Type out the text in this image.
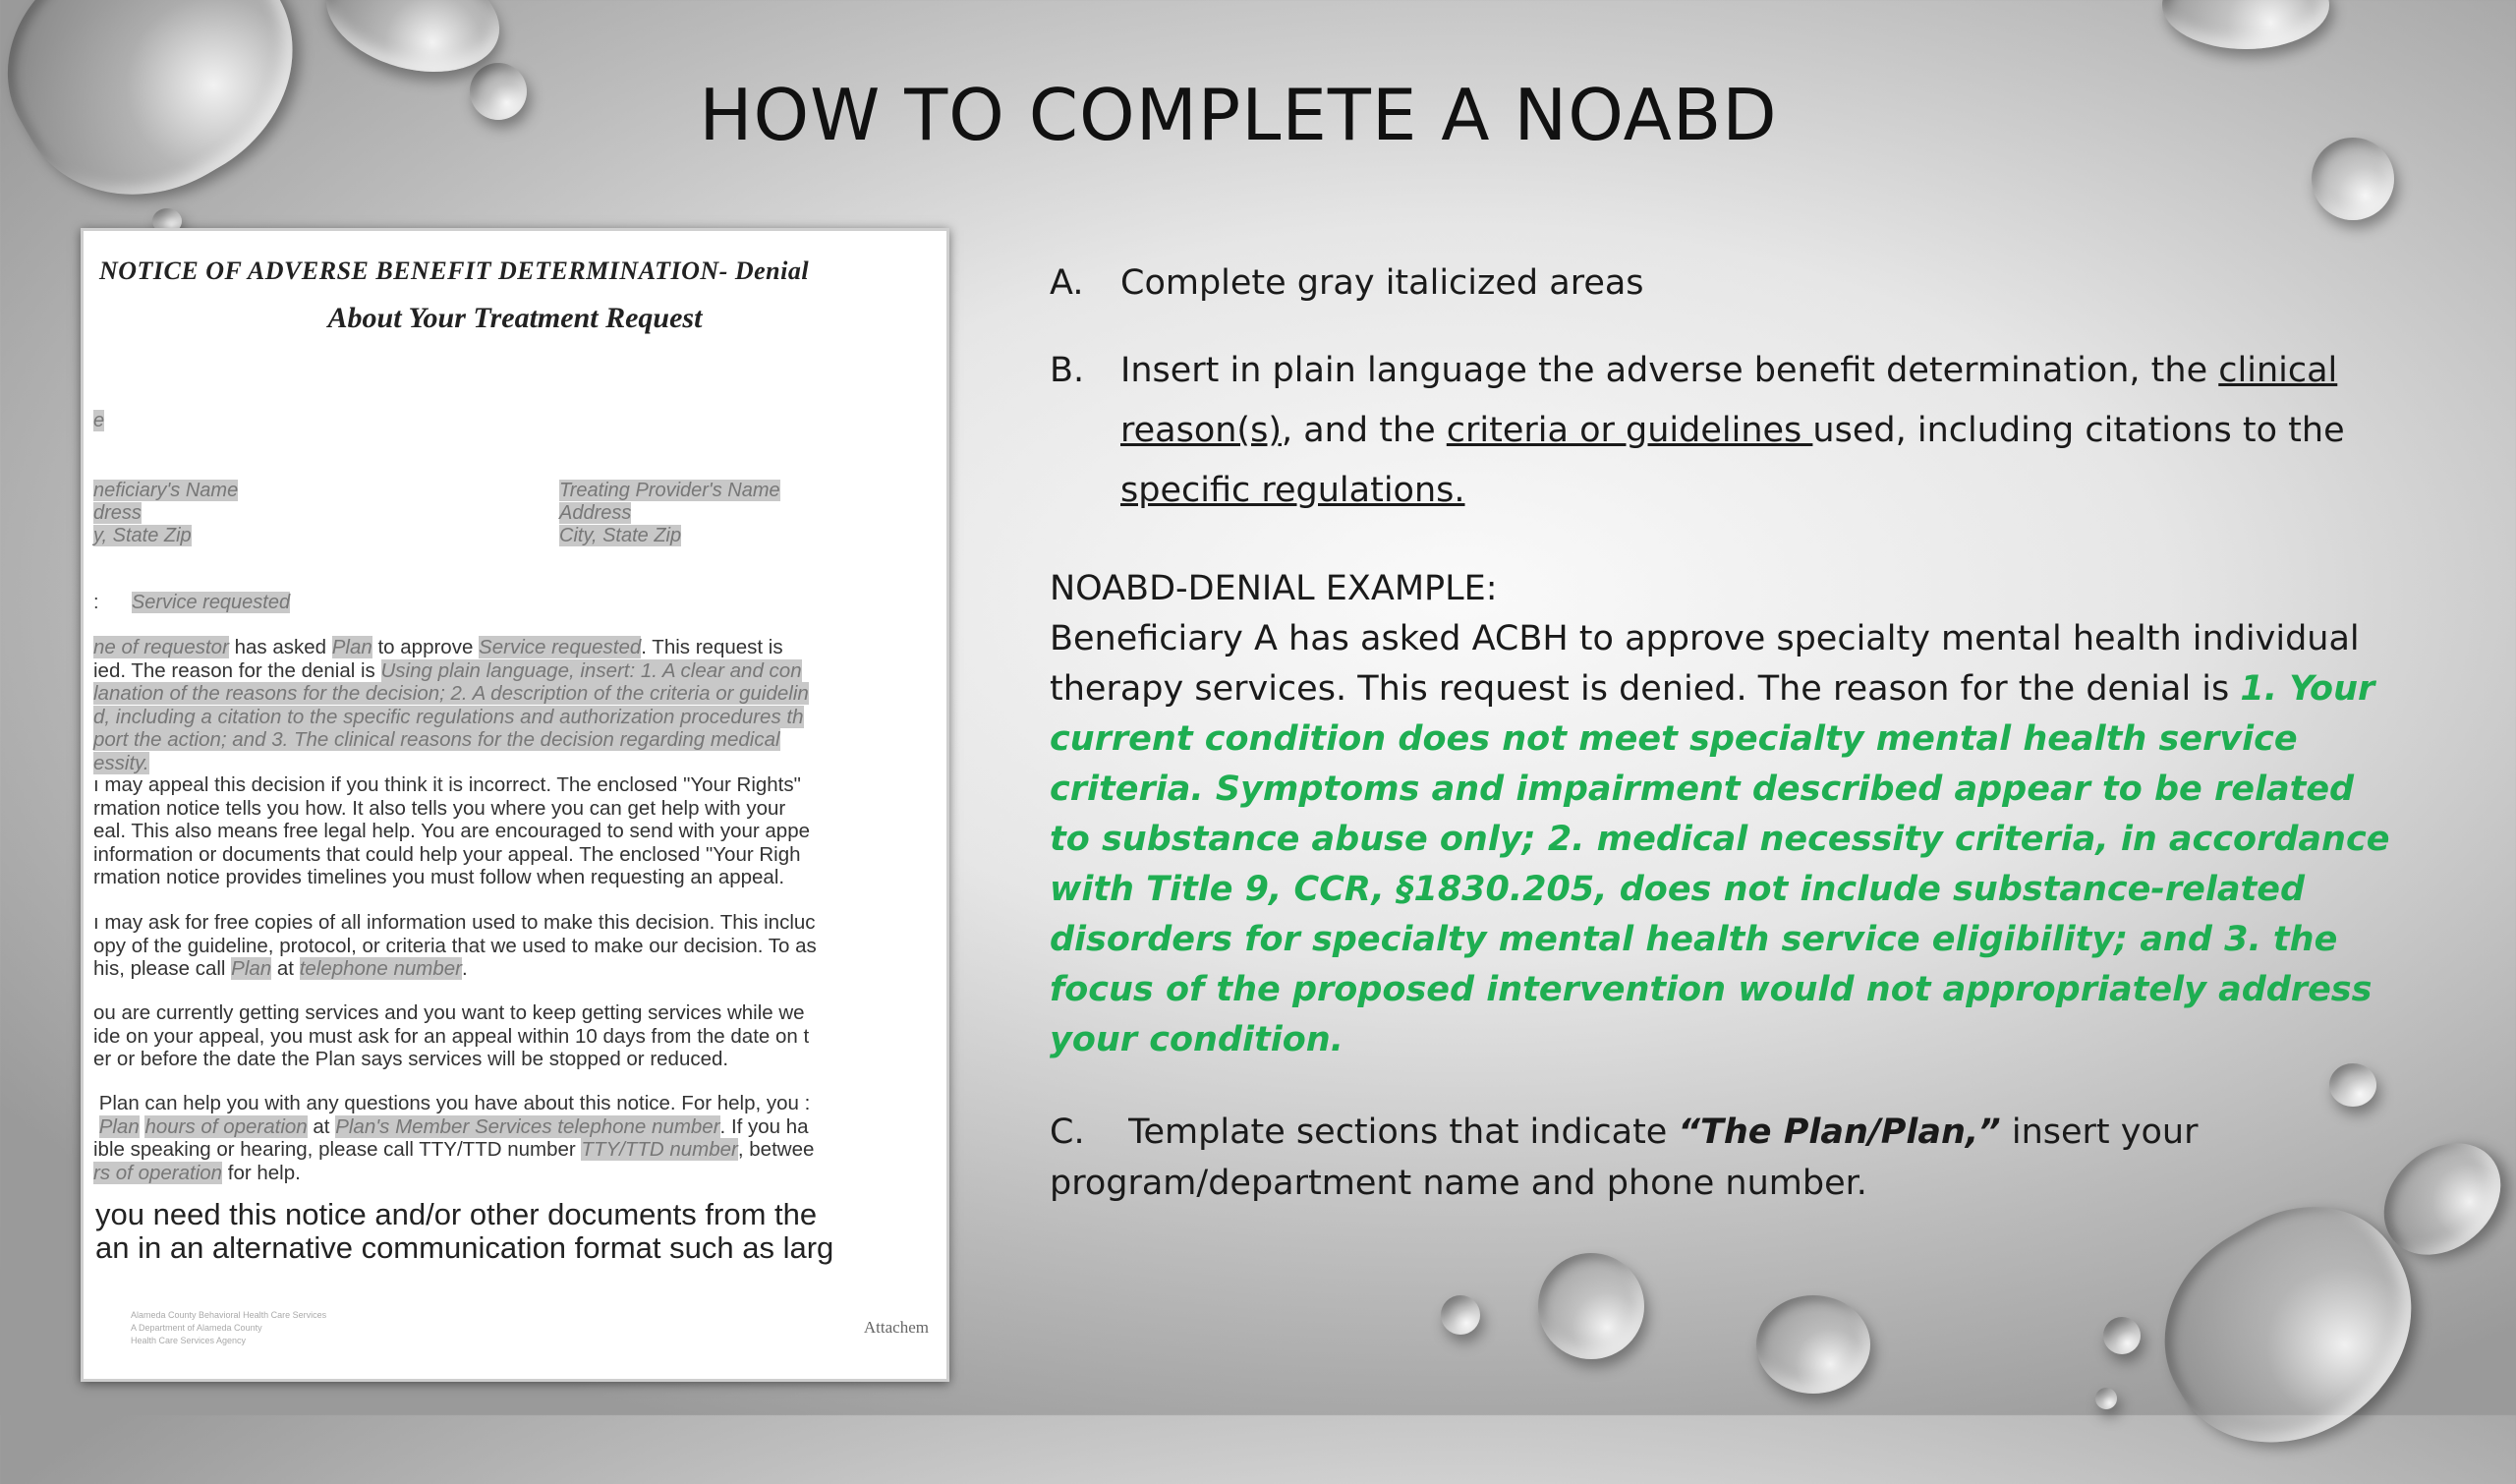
HOW TO COMPLETE A NOABD
NOTICE OF ADVERSE BENEFIT DETERMINATION- Denial
About Your Treatment Request
e
neficiary's Name
dress
y, State Zip
Treating Provider's Name
Address
City, State Zip
: Service requested
ne of requestor has asked Plan to approve Service requested. This request is
ied. The reason for the denial is Using plain language, insert: 1. A clear and con
lanation of the reasons for the decision; 2. A description of the criteria or guidelin
d, including a citation to the specific regulations and authorization procedures th
port the action; and 3. The clinical reasons for the decision regarding medical
essity.
ı may appeal this decision if you think it is incorrect. The enclosed "Your Rights"
rmation notice tells you how. It also tells you where you can get help with your
eal. This also means free legal help. You are encouraged to send with your appe
information or documents that could help your appeal. The enclosed "Your Righ
rmation notice provides timelines you must follow when requesting an appeal.
ı may ask for free copies of all information used to make this decision. This incluc
opy of the guideline, protocol, or criteria that we used to make our decision. To as
his, please call Plan at telephone number.
ou are currently getting services and you want to keep getting services while we
ide on your appeal, you must ask for an appeal within 10 days from the date on t
er or before the date the Plan says services will be stopped or reduced.
Plan can help you with any questions you have about this notice. For help, you :
Plan hours of operation at Plan's Member Services telephone number. If you ha
ible speaking or hearing, please call TTY/TTD number TTY/TTD number, betwee
rs of operation for help.
you need this notice and/or other documents from the
an in an alternative communication format such as larg
Alameda County Behavioral Health Care Services
A Department of Alameda County
Health Care Services Agency
Attachem
A. Complete gray italicized areas
B. Insert in plain language the adverse benefit determination, the clinical reason(s), and the criteria or guidelines used, including citations to the specific regulations.
NOABD-DENIAL EXAMPLE:
Beneficiary A has asked ACBH to approve specialty mental health individual therapy services. This request is denied. The reason for the denial is 1. Your current condition does not meet specialty mental health service criteria. Symptoms and impairment described appear to be related to substance abuse only; 2. medical necessity criteria, in accordance with Title 9, CCR, §1830.205, does not include substance-related disorders for specialty mental health service eligibility; and 3. the focus of the proposed intervention would not appropriately address your condition.
C. Template sections that indicate “The Plan/Plan,” insert your program/department name and phone number.
